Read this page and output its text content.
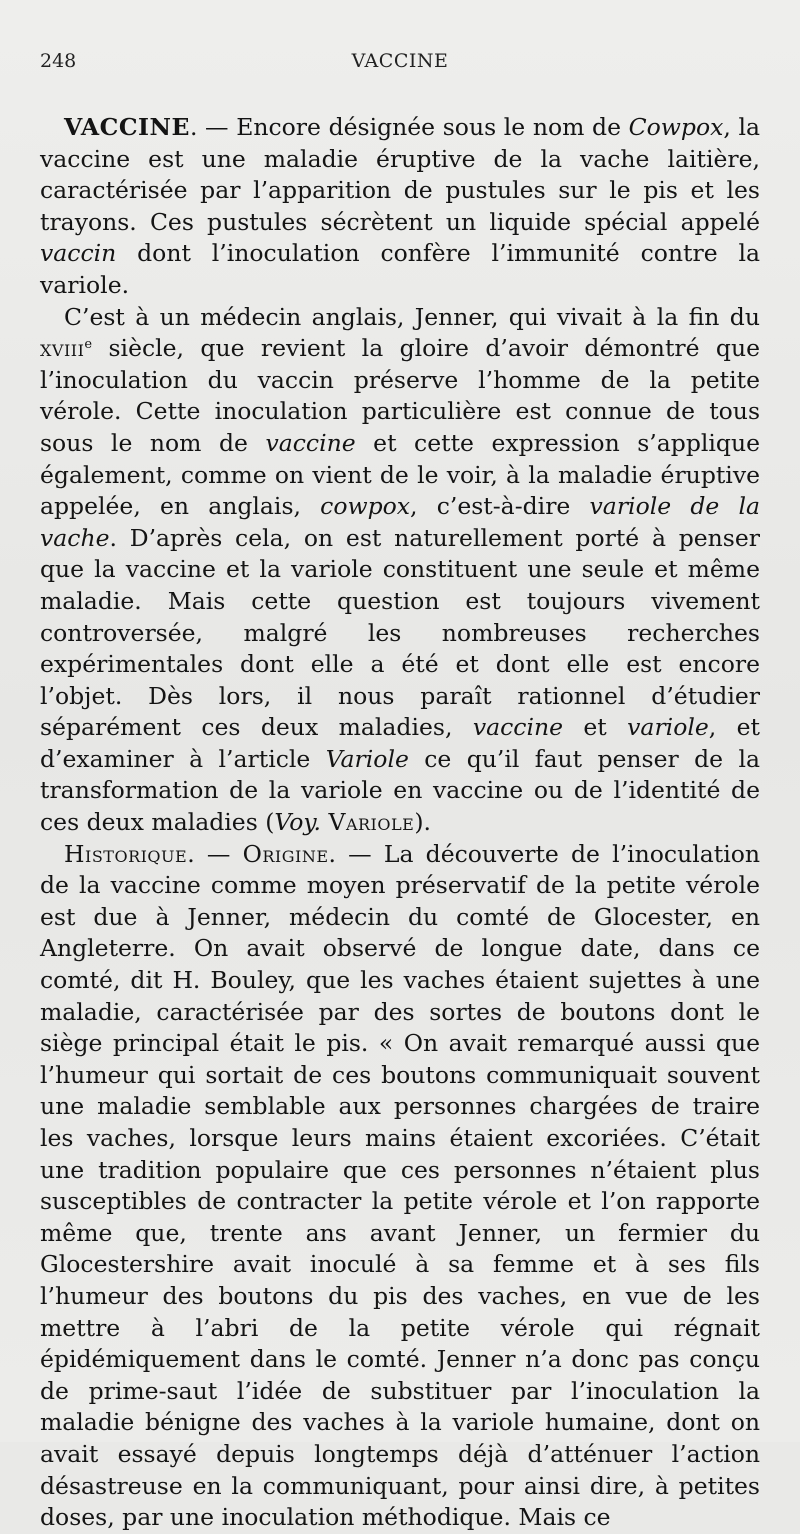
248	VACCINE

VACCINE. — Encore désignée sous le nom de Cowpox, la vaccine est une maladie éruptive de la vache laitière, caractérisée par l’apparition de pustules sur le pis et les trayons. Ces pustules sécrètent un liquide spécial appelé vaccin dont l’inoculation confère l’immunité contre la variole.

C’est à un médecin anglais, Jenner, qui vivait à la fin du xviii$^e$ siècle, que revient la gloire d’avoir démontré que l’inoculation du vaccin préserve l’homme de la petite vérole. Cette inoculation particulière est connue de tous sous le nom de vaccine et cette expression s’applique également, comme on vient de le voir, à la maladie éruptive appelée, en anglais, cowpox, c’est-à-dire variole de la vache. D’après cela, on est naturellement porté à penser que la vaccine et la variole constituent une seule et même maladie. Mais cette question est toujours vivement controversée, malgré les nombreuses recherches expérimentales dont elle a été et dont elle est encore l’objet. Dès lors, il nous paraît rationnel d’étudier séparément ces deux maladies, vaccine et variole, et d’examiner à l’article Variole ce qu’il faut penser de la transformation de la variole en vaccine ou de l’identité de ces deux maladies (Voy. Variole).

Historique. — Origine. — La découverte de l’inoculation de la vaccine comme moyen préservatif de la petite vérole est due à Jenner, médecin du comté de Glocester, en Angleterre. On avait observé de longue date, dans ce comté, dit H. Bouley, que les vaches étaient sujettes à une maladie, caractérisée par des sortes de boutons dont le siège principal était le pis. « On avait remarqué aussi que l’humeur qui sortait de ces boutons communiquait souvent une maladie semblable aux personnes chargées de traire les vaches, lorsque leurs mains étaient excoriées. C’était une tradition populaire que ces personnes n’étaient plus susceptibles de contracter la petite vérole et l’on rapporte même que, trente ans avant Jenner, un fermier du Glocestershire avait inoculé à sa femme et à ses fils l’humeur des boutons du pis des vaches, en vue de les mettre à l’abri de la petite vérole qui régnait épidémiquement dans le comté. Jenner n’a donc pas conçu de prime-saut l’idée de substituer par l’inoculation la maladie bénigne des vaches à la variole humaine, dont on avait essayé depuis longtemps déjà d’atténuer l’action désastreuse en la communiquant, pour ainsi dire, à petites doses, par une inoculation méthodique. Mais ce
